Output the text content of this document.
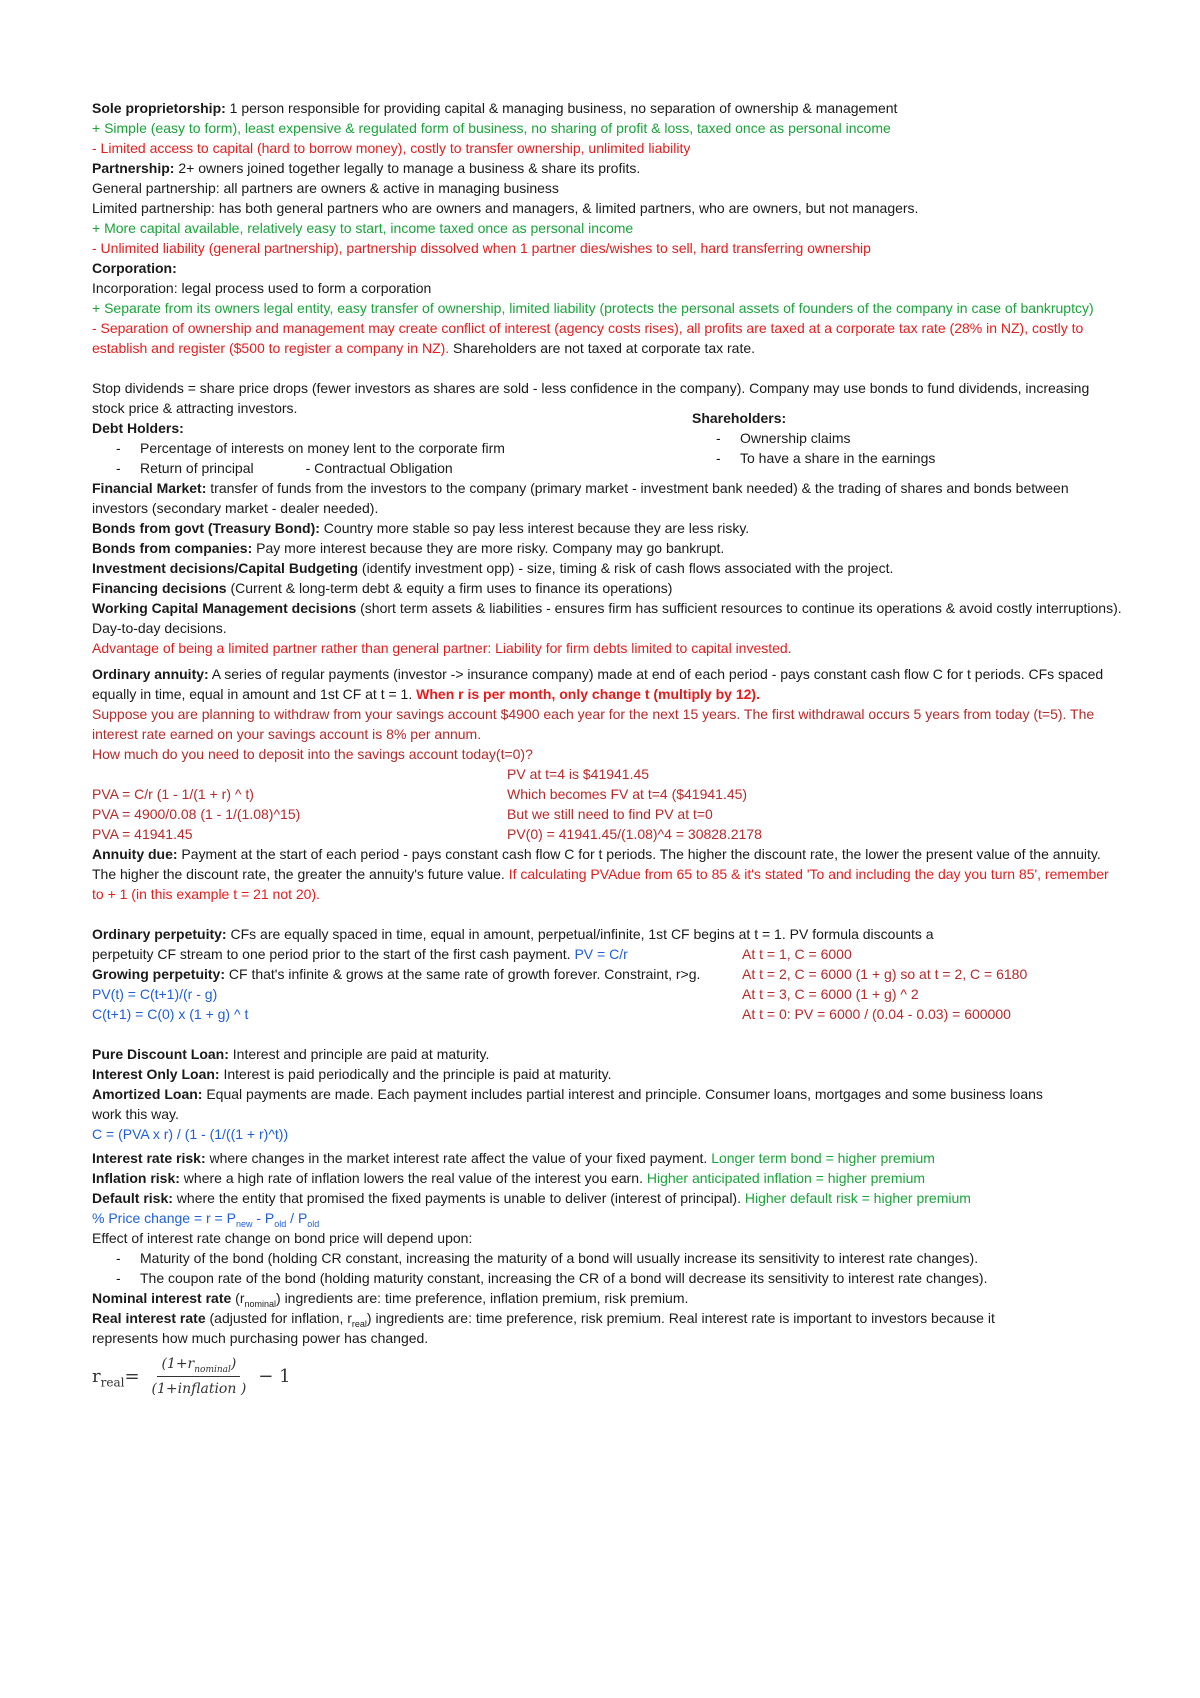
Sole proprietorship: 1 person responsible for providing capital & managing business, no separation of ownership & management
+ Simple (easy to form), least expensive & regulated form of business, no sharing of profit & loss, taxed once as personal income
- Limited access to capital (hard to borrow money), costly to transfer ownership, unlimited liability
Partnership: 2+ owners joined together legally to manage a business & share its profits.
General partnership: all partners are owners & active in managing business
Limited partnership: has both general partners who are owners and managers, & limited partners, who are owners, but not managers.
+ More capital available, relatively easy to start, income taxed once as personal income
- Unlimited liability (general partnership), partnership dissolved when 1 partner dies/wishes to sell, hard transferring ownership
Corporation:
Incorporation: legal process used to form a corporation
+ Separate from its owners legal entity, easy transfer of ownership, limited liability (protects the personal assets of founders of the company in case of bankruptcy)
- Separation of ownership and management may create conflict of interest (agency costs rises), all profits are taxed at a corporate tax rate (28% in NZ), costly to establish and register ($500 to register a company in NZ). Shareholders are not taxed at corporate tax rate.
Stop dividends = share price drops (fewer investors as shares are sold - less confidence in the company). Company may use bonds to fund dividends, increasing stock price & attracting investors.
Debt Holders:
- Percentage of interests on money lent to the corporate firm
- Return of principal	- Contractual Obligation
Shareholders:
- Ownership claims
- To have a share in the earnings
Financial Market: transfer of funds from the investors to the company (primary market - investment bank needed) & the trading of shares and bonds between investors (secondary market - dealer needed).
Bonds from govt (Treasury Bond): Country more stable so pay less interest because they are less risky.
Bonds from companies: Pay more interest because they are more risky. Company may go bankrupt.
Investment decisions/Capital Budgeting (identify investment opp) - size, timing & risk of cash flows associated with the project.
Financing decisions (Current & long-term debt & equity a firm uses to finance its operations)
Working Capital Management decisions (short term assets & liabilities - ensures firm has sufficient resources to continue its operations & avoid costly interruptions). Day-to-day decisions.
Advantage of being a limited partner rather than general partner: Liability for firm debts limited to capital invested.
Ordinary annuity: A series of regular payments (investor -> insurance company) made at end of each period - pays constant cash flow C for t periods. CFs spaced equally in time, equal in amount and 1st CF at t = 1. When r is per month, only change t (multiply by 12).
Suppose you are planning to withdraw from your savings account $4900 each year for the next 15 years. The first withdrawal occurs 5 years from today (t=5). The interest rate earned on your savings account is 8% per annum.
How much do you need to deposit into the savings account today(t=0)?
PVA = C/r (1 - 1/(1 + r) ^ t)
PVA = 4900/0.08 (1 - 1/(1.08)^15)
PVA = 41941.45
PV at t=4 is $41941.45
Which becomes FV at t=4 ($41941.45)
But we still need to find PV at t=0
PV(0) = 41941.45/(1.08)^4 = 30828.2178
Annuity due: Payment at the start of each period - pays constant cash flow C for t periods. The higher the discount rate, the lower the present value of the annuity. The higher the discount rate, the greater the annuity's future value. If calculating PVAdue from 65 to 85 & it's stated 'To and including the day you turn 85', remember to + 1 (in this example t = 21 not 20).
Ordinary perpetuity: CFs are equally spaced in time, equal in amount, perpetual/infinite, 1st CF begins at t = 1. PV formula discounts a
perpetuity CF stream to one period prior to the start of the first cash payment. PV = C/r
Growing perpetuity: CF that's infinite & grows at the same rate of growth forever. Constraint, r>g.
PV(t) = C(t+1)/(r - g)
C(t+1) = C(0) x (1 + g) ^ t
At t = 1, C = 6000
At t = 2, C = 6000 (1 + g) so at t = 2, C = 6180
At t = 3, C = 6000 (1 + g) ^ 2
At t = 0: PV = 6000 / (0.04 - 0.03) = 600000
Pure Discount Loan: Interest and principle are paid at maturity.
Interest Only Loan: Interest is paid periodically and the principle is paid at maturity.
Amortized Loan: Equal payments are made. Each payment includes partial interest and principle. Consumer loans, mortgages and some business loans work this way.
C = (PVA x r) / (1 - (1/((1 + r)^t))
Interest rate risk: where changes in the market interest rate affect the value of your fixed payment. Longer term bond = higher premium
Inflation risk: where a high rate of inflation lowers the real value of the interest you earn. Higher anticipated inflation = higher premium
Default risk: where the entity that promised the fixed payments is unable to deliver (interest of principal). Higher default risk = higher premium
% Price change = $r = P_{new} - P_{old} / P_{old}$
Effect of interest rate change on bond price will depend upon:
- Maturity of the bond (holding CR constant, increasing the maturity of a bond will usually increase its sensitivity to interest rate changes).
- The coupon rate of the bond (holding maturity constant, increasing the CR of a bond will decrease its sensitivity to interest rate changes).
Nominal interest rate $(r_{nominal})$ ingredients are: time preference, inflation premium, risk premium.
Real interest rate (adjusted for inflation, $r_{real}$) ingredients are: time preference, risk premium. Real interest rate is important to investors because it represents how much purchasing power has changed.
$r_{real} = \frac{(1+r_{nominal})}{\text{(1+inflation )}} - 1$
